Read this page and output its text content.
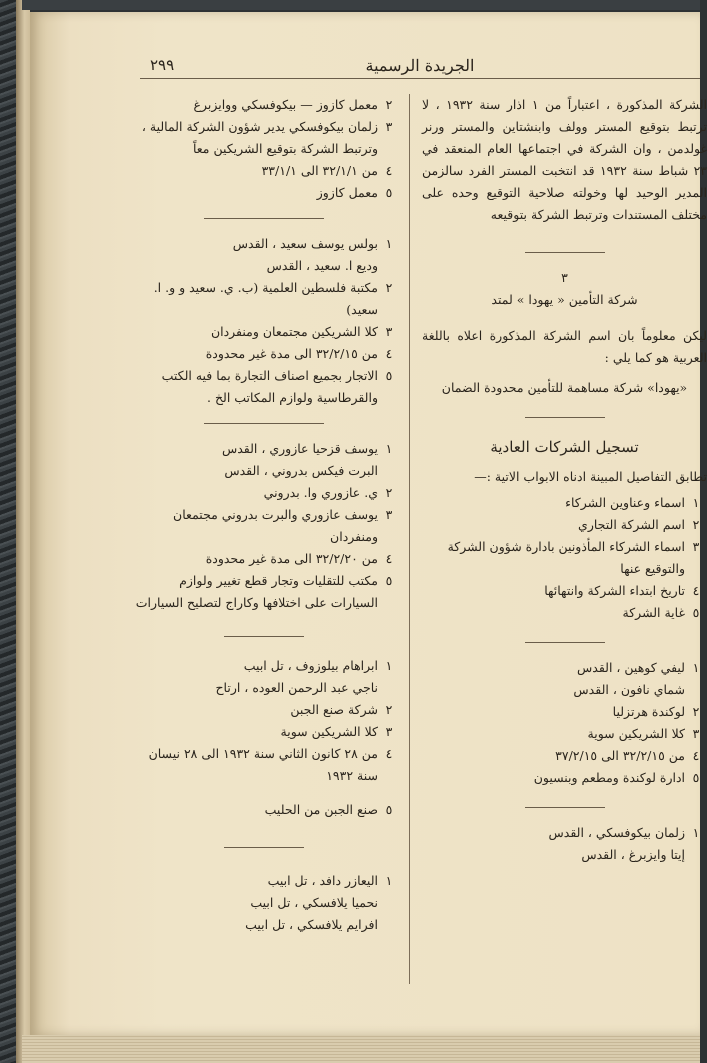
٢٩٩	الجريدة الرسمية

الشركة المذكورة ، اعتباراً من ١ اذار سنة ١٩٣٢ ، لا ترتبط بتوقيع المستر وولف وابنشتاين والمستر ورنر غولدمن ، وان الشركة في اجتماعها العام المنعقد في ٢٣ شباط سنة ١٩٣٢ قد انتخبت المستر الفرد سالزمن المدير الوحيد لها وخولته صلاحية التوقيع وحده على مختلف المستندات وترتبط الشركة بتوقيعه

٣
شركة التأمين « يهودا » لمتد

ليكن معلوماً بان اسم الشركة المذكورة اعلاه باللغة العربية هو كما يلي :

«يهودا» شركة مساهمة للتأمين محدودة الضمان
تسجيل الشركات العادية
تطابق التفاصيل المبينة ادناه الابواب الاتية :—
١
اسماء وعناوين الشركاء
٢
اسم الشركة التجاري
٣
اسماء الشركاء المأذونين بادارة شؤون الشركة والتوقيع عنها
٤
تاريخ ابتداء الشركة وانتهائها
٥
غاية الشركة
١
ليفي كوهين ، القدس
شماي نافون ، القدس
٢
لوكندة هرتزليا
٣
كلا الشريكين سوية
٤
من ٣٢/٢/١٥ الى ٣٧/٢/١٥
٥
ادارة لوكندة ومطعم وبنسيون
١
زلمان بيكوفسكي ، القدس
إيتا وايزبرغ ، القدس
٢
معمل كازوز — بيكوفسكي ووايزبرغ
٣
زلمان بيكوفسكي يدير شؤون الشركة المالية ، وترتبط الشركة بتوقيع الشريكين معاً
٤
من ٣٢/١/١ الى ٣٣/١/١
٥
معمل كازوز
١
بولس يوسف سعيد ، القدس
وديع ا. سعيد ، القدس
٢
مكتبة فلسطين العلمية (ب. ي. سعيد و و. ا. سعيد)
٣
كلا الشريكين مجتمعان ومنفردان
٤
من ٣٢/٢/١٥ الى مدة غير محدودة
٥
الاتجار بجميع اصناف التجارة بما فيه الكتب والقرطاسية ولوازم المكاتب الخ .
١
يوسف قزحيا عازوري ، القدس
البرت فيكس بدروني ، القدس
٢
ي. عازوري وا. بدروني
٣
يوسف عازوري والبرت بدروني مجتمعان ومنفردان
٤
من ٣٢/٢/٢٠ الى مدة غير محدودة
٥
مكتب للتقليات وتجار قطع تغيير ولوازم السيارات على اختلافها وكاراج لتصليح السيارات
١
ابراهام بيلوزوف ، تل ابيب
ناجي عبد الرحمن العوده ، ارتاح
٢
شركة صنع الجبن
٣
كلا الشريكين سوية
٤
من ٢٨ كانون الثاني سنة ١٩٣٢ الى ٢٨ نيسان سنة ١٩٣٢
٥
صنع الجبن من الحليب
١
اليعازر دافد ، تل ابيب
نحميا يلافسكي ، تل ابيب
افرايم يلافسكي ، تل ابيب
